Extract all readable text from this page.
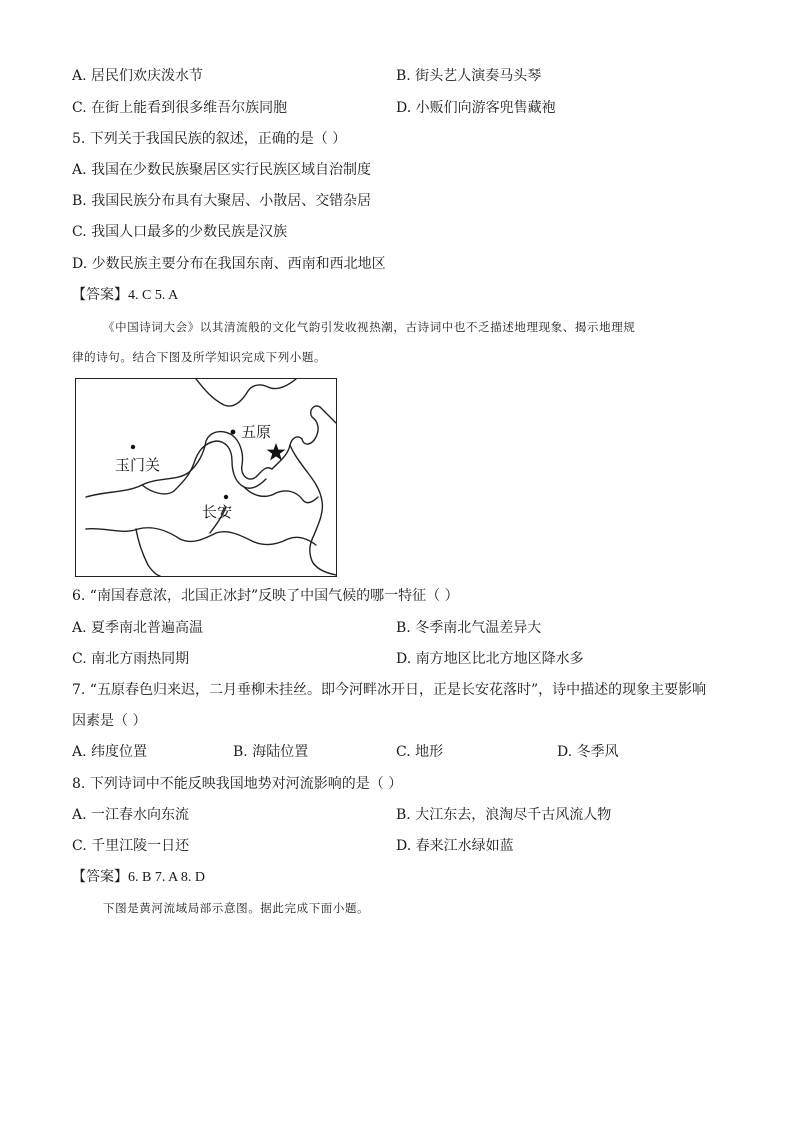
A. 居民们欢庆泼水节	B. 街头艺人演奏马头琴
C. 在街上能看到很多维吾尔族同胞	D. 小贩们向游客兜售藏袍
5. 下列关于我国民族的叙述，正确的是（ ）
A. 我国在少数民族聚居区实行民族区域自治制度
B. 我国民族分布具有大聚居、小散居、交错杂居
C. 我国人口最多的少数民族是汉族
D. 少数民族主要分布在我国东南、西南和西北地区
【答案】4. C 5. A
《中国诗词大会》以其清流般的文化气韵引发收视热潮，古诗词中也不乏描述地理现象、揭示地理规
律的诗句。结合下图及所学知识完成下列小题。
五原
玉门关
长安
6. “南国春意浓，北国正冰封”反映了中国气候的哪一特征（ ）
A. 夏季南北普遍高温	B. 冬季南北气温差异大
C. 南北方雨热同期	D. 南方地区比北方地区降水多
7. “五原春色归来迟，二月垂柳未挂丝。即今河畔冰开日，正是长安花落时”，诗中描述的现象主要影响
因素是（ ）
A. 纬度位置	B. 海陆位置	C. 地形	D. 冬季风
8. 下列诗词中不能反映我国地势对河流影响的是（ ）
A. 一江春水向东流	B. 大江东去，浪淘尽千古风流人物
C. 千里江陵一日还	D. 春来江水绿如蓝
【答案】6. B 7. A 8. D
下图是黄河流域局部示意图。据此完成下面小题。
